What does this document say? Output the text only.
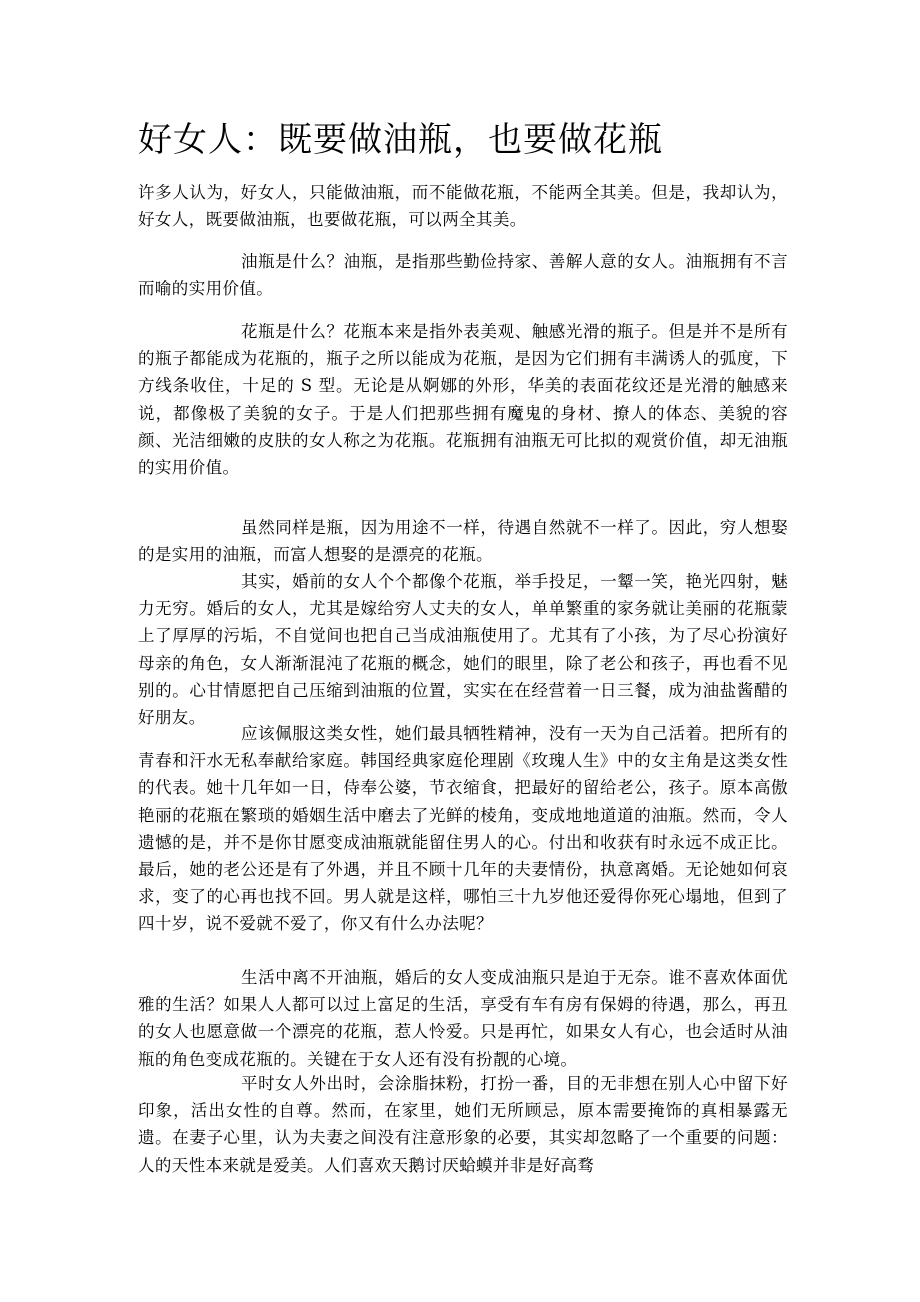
好女人：既要做油瓶，也要做花瓶

许多人认为，好女人，只能做油瓶，而不能做花瓶，不能两全其美。但是，我却认为，好女人，既要做油瓶，也要做花瓶，可以两全其美。

油瓶是什么？油瓶，是指那些勤俭持家、善解人意的女人。油瓶拥有不言而喻的实用价值。

花瓶是什么？花瓶本来是指外表美观、触感光滑的瓶子。但是并不是所有的瓶子都能成为花瓶的，瓶子之所以能成为花瓶，是因为它们拥有丰满诱人的弧度，下方线条收住，十足的 S 型。无论是从婀娜的外形，华美的表面花纹还是光滑的触感来说，都像极了美貌的女子。于是人们把那些拥有魔鬼的身材、撩人的体态、美貌的容颜、光洁细嫩的皮肤的女人称之为花瓶。花瓶拥有油瓶无可比拟的观赏价值，却无油瓶的实用价值。

虽然同样是瓶，因为用途不一样，待遇自然就不一样了。因此，穷人想娶的是实用的油瓶，而富人想娶的是漂亮的花瓶。

其实，婚前的女人个个都像个花瓶，举手投足，一颦一笑，艳光四射，魅力无穷。婚后的女人，尤其是嫁给穷人丈夫的女人，单单繁重的家务就让美丽的花瓶蒙上了厚厚的污垢，不自觉间也把自己当成油瓶使用了。尤其有了小孩，为了尽心扮演好母亲的角色，女人渐渐混沌了花瓶的概念，她们的眼里，除了老公和孩子，再也看不见别的。心甘情愿把自己压缩到油瓶的位置，实实在在经营着一日三餐，成为油盐酱醋的好朋友。

应该佩服这类女性，她们最具牺牲精神，没有一天为自己活着。把所有的青春和汗水无私奉献给家庭。韩国经典家庭伦理剧《玫瑰人生》中的女主角是这类女性的代表。她十几年如一日，侍奉公婆，节衣缩食，把最好的留给老公，孩子。原本高傲艳丽的花瓶在繁琐的婚姻生活中磨去了光鲜的棱角，变成地地道道的油瓶。然而，令人遗憾的是，并不是你甘愿变成油瓶就能留住男人的心。付出和收获有时永远不成正比。最后，她的老公还是有了外遇，并且不顾十几年的夫妻情份，执意离婚。无论她如何哀求，变了的心再也找不回。男人就是这样，哪怕三十九岁他还爱得你死心塌地，但到了四十岁，说不爱就不爱了，你又有什么办法呢？

生活中离不开油瓶，婚后的女人变成油瓶只是迫于无奈。谁不喜欢体面优雅的生活？如果人人都可以过上富足的生活，享受有车有房有保姆的待遇，那么，再丑的女人也愿意做一个漂亮的花瓶，惹人怜爱。只是再忙，如果女人有心，也会适时从油瓶的角色变成花瓶的。关键在于女人还有没有扮靓的心境。

平时女人外出时，会涂脂抹粉，打扮一番，目的无非想在别人心中留下好印象，活出女性的自尊。然而，在家里，她们无所顾忌，原本需要掩饰的真相暴露无遗。在妻子心里，认为夫妻之间没有注意形象的必要，其实却忽略了一个重要的问题：人的天性本来就是爱美。人们喜欢天鹅讨厌蛤蟆并非是好高骛
